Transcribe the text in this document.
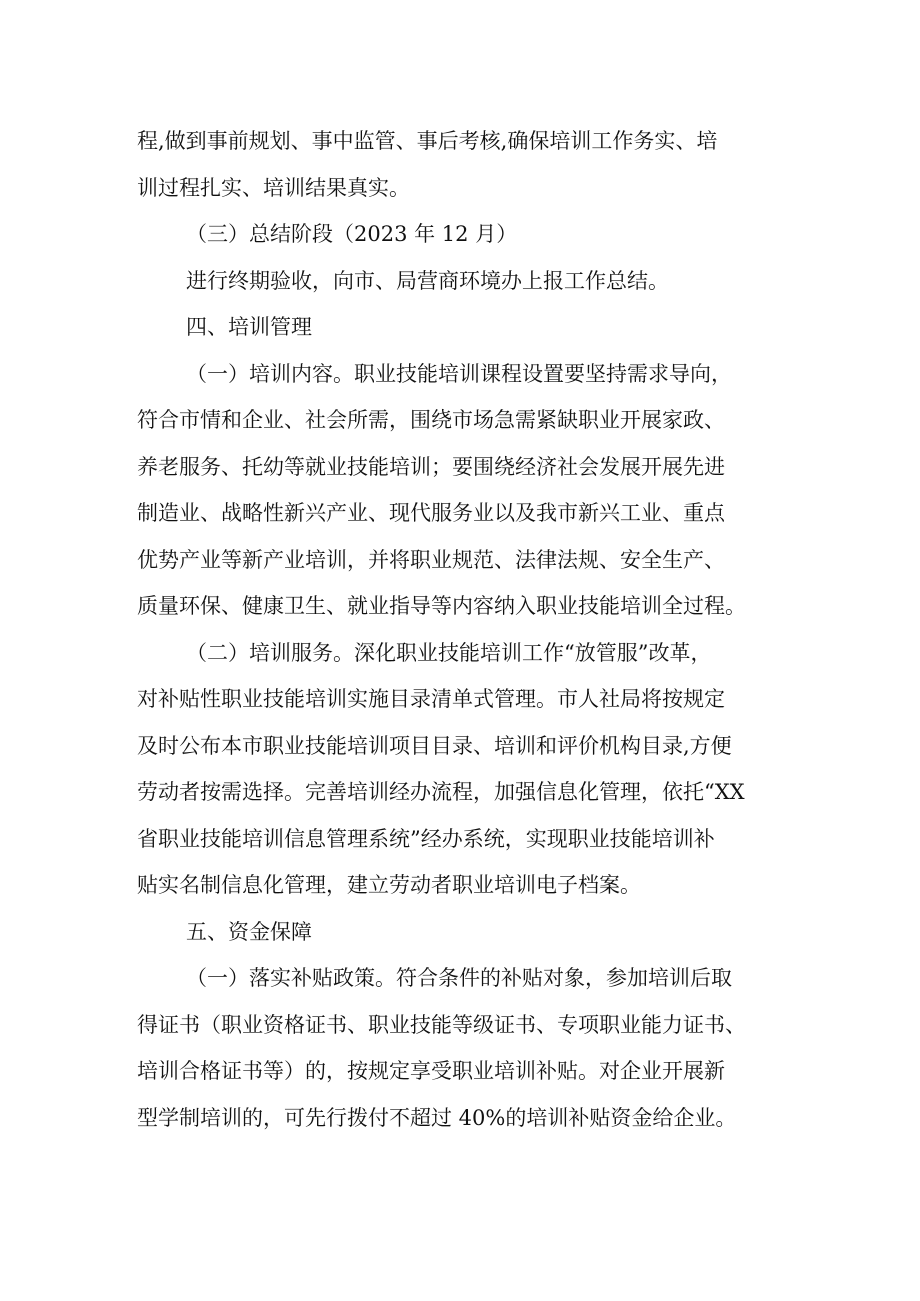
程,做到事前规划、事中监管、事后考核,确保培训工作务实、培
训过程扎实、培训结果真实。

（三）总结阶段（2023 年 12 月）

进行终期验收，向市、局营商环境办上报工作总结。

四、培训管理

（一）培训内容。职业技能培训课程设置要坚持需求导向，
符合市情和企业、社会所需，围绕市场急需紧缺职业开展家政、
养老服务、托幼等就业技能培训；要围绕经济社会发展开展先进
制造业、战略性新兴产业、现代服务业以及我市新兴工业、重点
优势产业等新产业培训，并将职业规范、法律法规、安全生产、
质量环保、健康卫生、就业指导等内容纳入职业技能培训全过程。

（二）培训服务。深化职业技能培训工作“放管服”改革，
对补贴性职业技能培训实施目录清单式管理。市人社局将按规定
及时公布本市职业技能培训项目目录、培训和评价机构目录,方便
劳动者按需选择。完善培训经办流程，加强信息化管理，依托“XX
省职业技能培训信息管理系统”经办系统，实现职业技能培训补
贴实名制信息化管理，建立劳动者职业培训电子档案。

五、资金保障

（一）落实补贴政策。符合条件的补贴对象，参加培训后取
得证书（职业资格证书、职业技能等级证书、专项职业能力证书、
培训合格证书等）的，按规定享受职业培训补贴。对企业开展新
型学制培训的，可先行拨付不超过 40%的培训补贴资金给企业。
